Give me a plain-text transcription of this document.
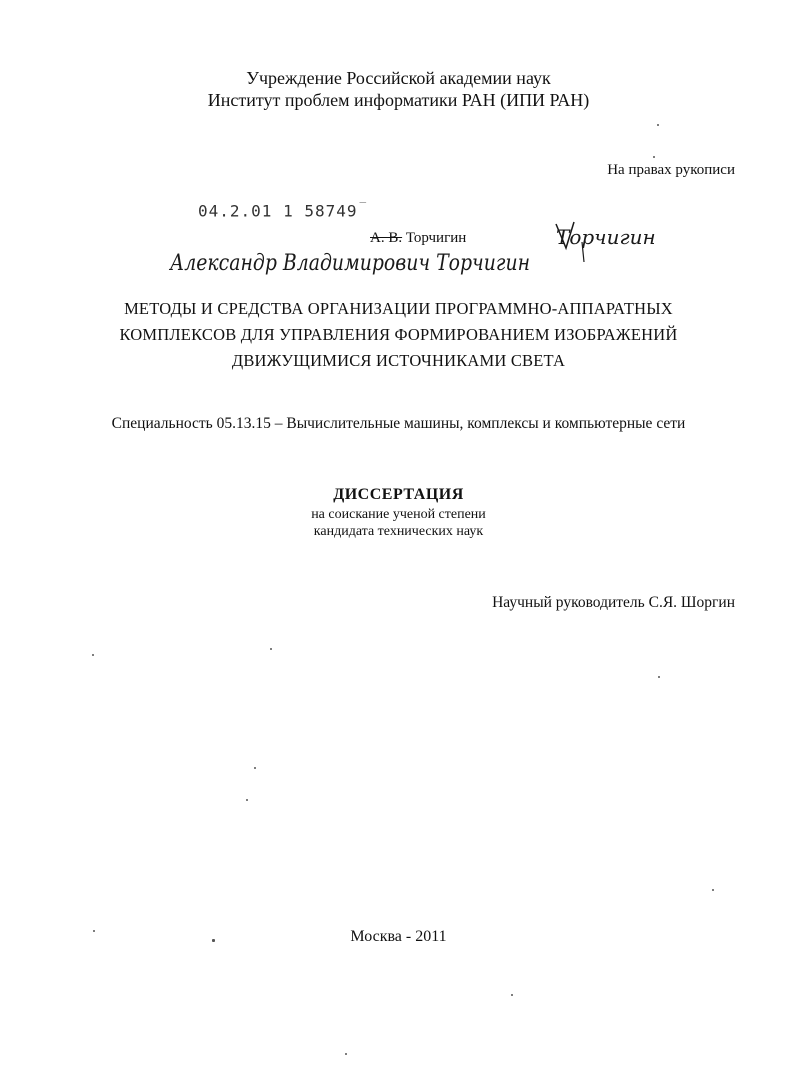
Учреждение Российской академии наук
Институт проблем информатики РАН (ИПИ РАН)
На правах рукописи
04.2.01 1 58749 ‾
А. В. Торчигин	Торчигин
Александр Владимирович Торчигин
МЕТОДЫ И СРЕДСТВА ОРГАНИЗАЦИИ ПРОГРАММНО-АППАРАТНЫХ
КОМПЛЕКСОВ ДЛЯ УПРАВЛЕНИЯ ФОРМИРОВАНИЕМ ИЗОБРАЖЕНИЙ
ДВИЖУЩИМИСЯ ИСТОЧНИКАМИ СВЕТА
Специальность 05.13.15 – Вычислительные машины, комплексы и компьютерные сети
ДИССЕРТАЦИЯ
на соискание ученой степени
кандидата технических наук
Научный руководитель С.Я. Шоргин
Москва - 2011
